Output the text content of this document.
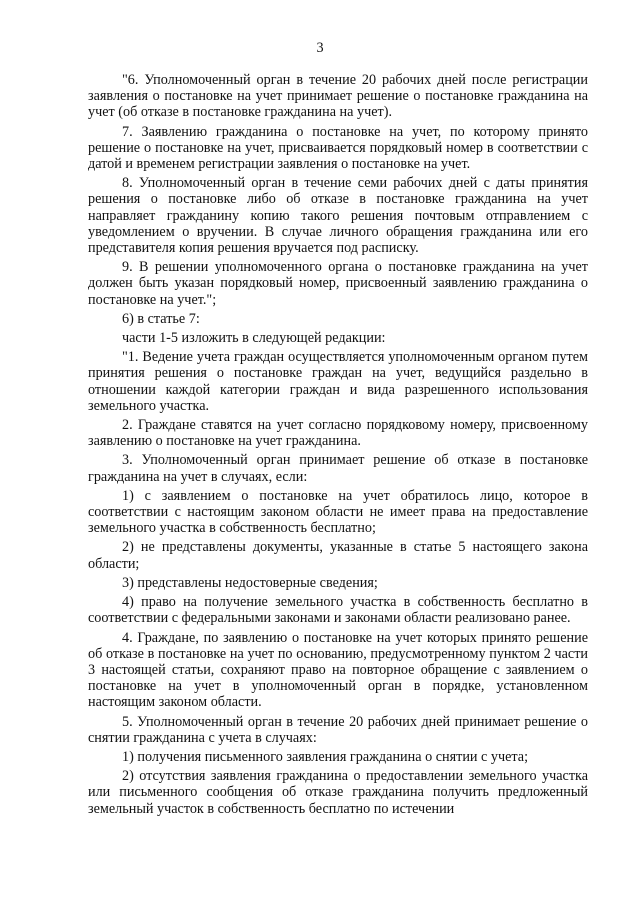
3

"6. Уполномоченный орган в течение 20 рабочих дней после регистрации заявления о постановке на учет принимает решение о постановке гражданина на учет (об отказе в постановке гражданина на учет).

7. Заявлению гражданина о постановке на учет, по которому принято решение о постановке на учет, присваивается порядковый номер в соответствии с датой и временем регистрации заявления о постановке на учет.

8. Уполномоченный орган в течение семи рабочих дней с даты принятия решения о постановке либо об отказе в постановке гражданина на учет направляет гражданину копию такого решения почтовым отправлением с уведомлением о вручении. В случае личного обращения гражданина или его представителя копия решения вручается под расписку.

9. В решении уполномоченного органа о постановке гражданина на учет должен быть указан порядковый номер, присвоенный заявлению гражданина о постановке на учет.";

6) в статье 7:

части 1-5 изложить в следующей редакции:

"1. Ведение учета граждан осуществляется уполномоченным органом путем принятия решения о постановке граждан на учет, ведущийся раздельно в отношении каждой категории граждан и вида разрешенного использования земельного участка.

2. Граждане ставятся на учет согласно порядковому номеру, присвоенному заявлению о постановке на учет гражданина.

3. Уполномоченный орган принимает решение об отказе в постановке гражданина на учет в случаях, если:

1) с заявлением о постановке на учет обратилось лицо, которое в соответствии с настоящим законом области не имеет права на предоставление земельного участка в собственность бесплатно;

2) не представлены документы, указанные в статье 5 настоящего закона области;

3) представлены недостоверные сведения;

4) право на получение земельного участка в собственность бесплатно в соответствии с федеральными законами и законами области реализовано ранее.

4. Граждане, по заявлению о постановке на учет которых принято решение об отказе в постановке на учет по основанию, предусмотренному пунктом 2 части 3 настоящей статьи, сохраняют право на повторное обращение с заявлением о постановке на учет в уполномоченный орган в порядке, установленном настоящим законом области.

5. Уполномоченный орган в течение 20 рабочих дней принимает решение о снятии гражданина с учета в случаях:

1) получения письменного заявления гражданина о снятии с учета;

2) отсутствия заявления гражданина о предоставлении земельного участка или письменного сообщения об отказе гражданина получить предложенный земельный участок в собственность бесплатно по истечении
